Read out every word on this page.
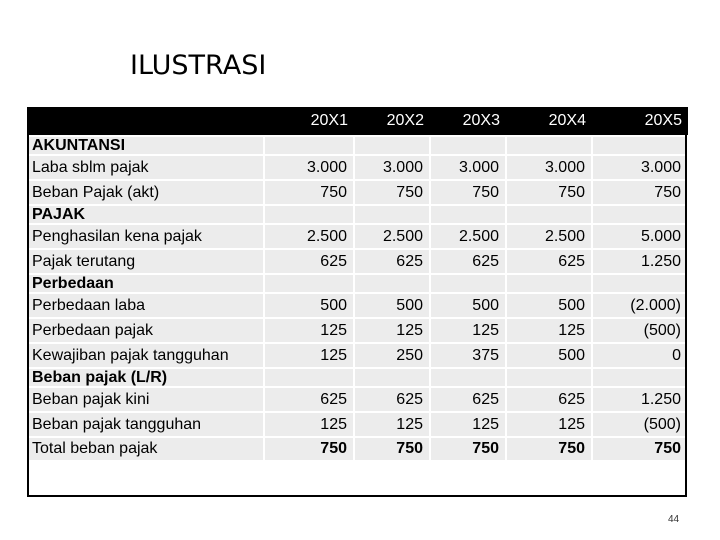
ILUSTRASI
	20X1	20X2	20X3	20X4	20X5
AKUNTANSI					
Laba sblm pajak	3.000	3.000	3.000	3.000	3.000
Beban Pajak (akt)	750	750	750	750	750
PAJAK					
Penghasilan kena pajak	2.500	2.500	2.500	2.500	5.000
Pajak terutang	625	625	625	625	1.250
Perbedaan					
Perbedaan laba	500	500	500	500	(2.000)
Perbedaan pajak	125	125	125	125	(500)
Kewajiban pajak tangguhan	125	250	375	500	0
Beban pajak (L/R)					
Beban pajak kini	625	625	625	625	1.250
Beban pajak tangguhan	125	125	125	125	(500)
Total beban pajak	750	750	750	750	750
44
